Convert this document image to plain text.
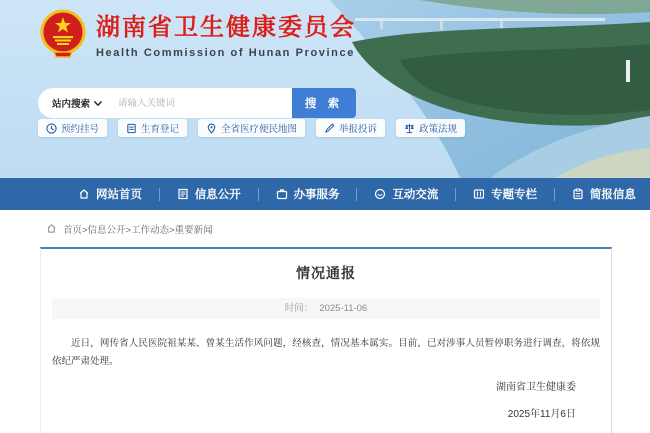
湖南省卫生健康委员会
Health Commission of Hunan Province
站内搜索
请输入关键词	搜 索
预约挂号	生育登记	全省医疗便民地图	举报投诉	政策法规
网站首页	信息公开	办事服务	互动交流	专题专栏	简报信息
首页>信息公开>工作动态>重要新闻
情况通报
时间： 2025-11-06

近日，网传省人民医院祖某某、曾某生活作风问题，经核查，情况基本属实。目前，已对涉事人员暂停职务进行调查，将依规依纪严肃处理。

湖南省卫生健康委
2025年11月6日
